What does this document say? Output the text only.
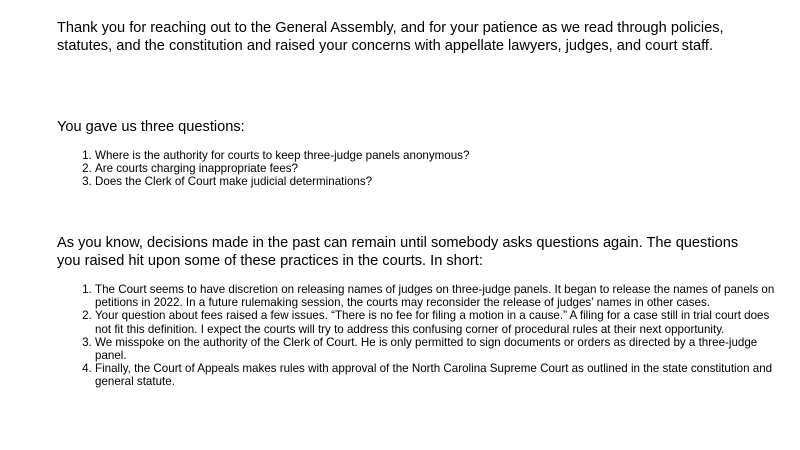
Thank you for reaching out to the General Assembly, and for your patience as we read through policies, statutes, and the constitution and raised your concerns with appellate lawyers, judges, and court staff.

You gave us three questions:

1. Where is the authority for courts to keep three-judge panels anonymous?
2. Are courts charging inappropriate fees?
3. Does the Clerk of Court make judicial determinations?

As you know, decisions made in the past can remain until somebody asks questions again. The questions you raised hit upon some of these practices in the courts. In short:

1. The Court seems to have discretion on releasing names of judges on three-judge panels. It began to release the names of panels on petitions in 2022. In a future rulemaking session, the courts may reconsider the release of judges’ names in other cases.
2. Your question about fees raised a few issues. “There is no fee for filing a motion in a cause.” A filing for a case still in trial court does not fit this definition. I expect the courts will try to address this confusing corner of procedural rules at their next opportunity.
3. We misspoke on the authority of the Clerk of Court. He is only permitted to sign documents or orders as directed by a three-judge panel.
4. Finally, the Court of Appeals makes rules with approval of the North Carolina Supreme Court as outlined in the state constitution and general statute.
